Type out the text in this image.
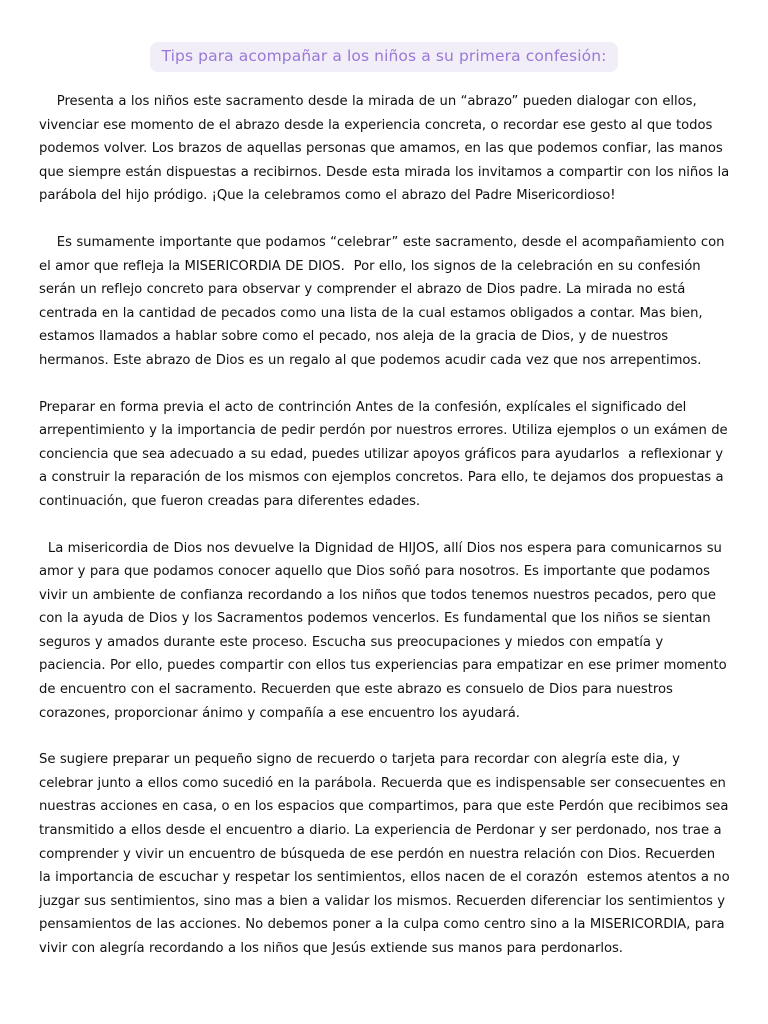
Tips para acompañar a los niños a su primera confesión:

Presenta a los niños este sacramento desde la mirada de un “abrazo” pueden dialogar con ellos, vivenciar ese momento de el abrazo desde la experiencia concreta, o recordar ese gesto al que todos podemos volver. Los brazos de aquellas personas que amamos, en las que podemos confiar, las manos que siempre están dispuestas a recibirnos. Desde esta mirada los invitamos a compartir con los niños la parábola del hijo pródigo. ¡Que la celebramos como el abrazo del Padre Misericordioso!

Es sumamente importante que podamos “celebrar” este sacramento, desde el acompañamiento con el amor que refleja la MISERICORDIA DE DIOS.  Por ello, los signos de la celebración en su confesión serán un reflejo concreto para observar y comprender el abrazo de Dios padre. La mirada no está centrada en la cantidad de pecados como una lista de la cual estamos obligados a contar. Mas bien, estamos llamados a hablar sobre como el pecado, nos aleja de la gracia de Dios, y de nuestros hermanos. Este abrazo de Dios es un regalo al que podemos acudir cada vez que nos arrepentimos.

Preparar en forma previa el acto de contrinción Antes de la confesión, explícales el significado del arrepentimiento y la importancia de pedir perdón por nuestros errores. Utiliza ejemplos o un exámen de conciencia que sea adecuado a su edad, puedes utilizar apoyos gráficos para ayudarlos  a reflexionar y a construir la reparación de los mismos con ejemplos concretos. Para ello, te dejamos dos propuestas a continuación, que fueron creadas para diferentes edades.

La misericordia de Dios nos devuelve la Dignidad de HIJOS, allí Dios nos espera para comunicarnos su amor y para que podamos conocer aquello que Dios soñó para nosotros. Es importante que podamos vivir un ambiente de confianza recordando a los niños que todos tenemos nuestros pecados, pero que con la ayuda de Dios y los Sacramentos podemos vencerlos. Es fundamental que los niños se sientan seguros y amados durante este proceso. Escucha sus preocupaciones y miedos con empatía y paciencia. Por ello, puedes compartir con ellos tus experiencias para empatizar en ese primer momento de encuentro con el sacramento. Recuerden que este abrazo es consuelo de Dios para nuestros corazones, proporcionar ánimo y compañía a ese encuentro los ayudará.

Se sugiere preparar un pequeño signo de recuerdo o tarjeta para recordar con alegría este dia, y celebrar junto a ellos como sucedió en la parábola. Recuerda que es indispensable ser consecuentes en nuestras acciones en casa, o en los espacios que compartimos, para que este Perdón que recibimos sea transmitido a ellos desde el encuentro a diario. La experiencia de Perdonar y ser perdonado, nos trae a comprender y vivir un encuentro de búsqueda de ese perdón en nuestra relación con Dios. Recuerden la importancia de escuchar y respetar los sentimientos, ellos nacen de el corazón  estemos atentos a no juzgar sus sentimientos, sino mas a bien a validar los mismos. Recuerden diferenciar los sentimientos y pensamientos de las acciones. No debemos poner a la culpa como centro sino a la MISERICORDIA, para vivir con alegría recordando a los niños que Jesús extiende sus manos para perdonarlos.
